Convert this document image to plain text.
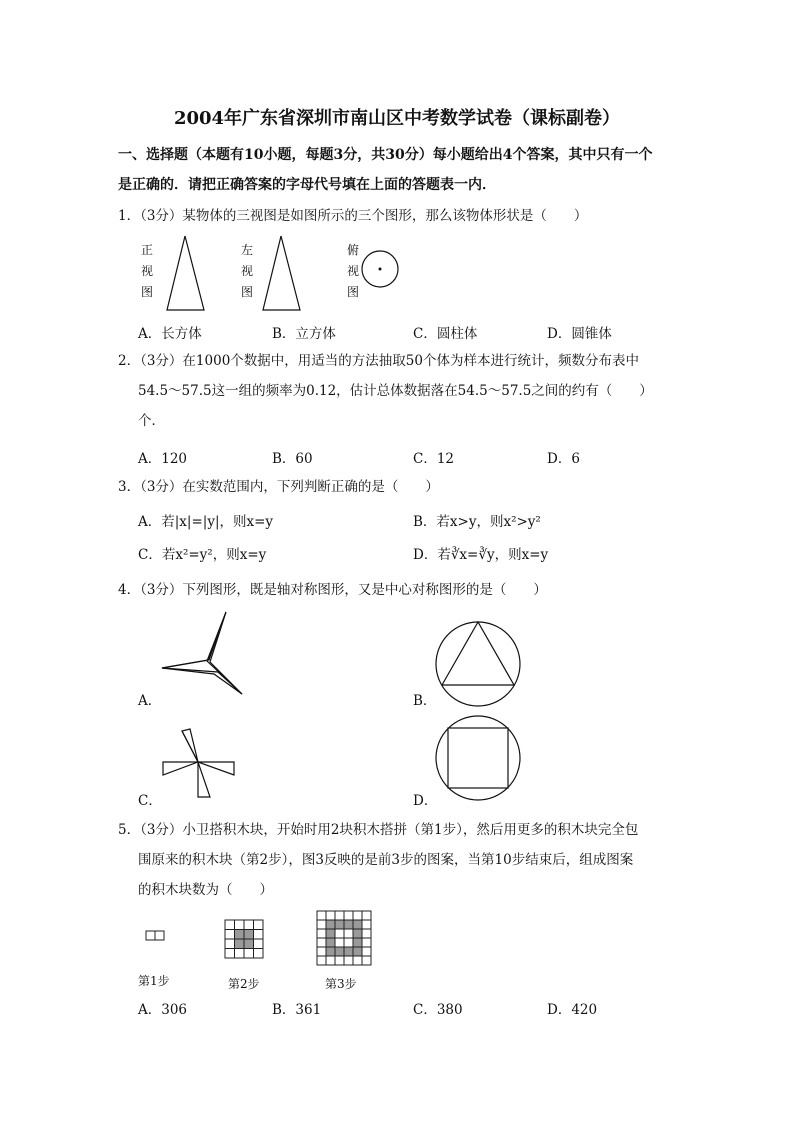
2004年广东省深圳市南山区中考数学试卷（课标副卷）
一、选择题（本题有10小题，每题3分，共30分）每小题给出4个答案，其中只有一个
是正确的．请把正确答案的字母代号填在上面的答题表一内．
1．（3分）某物体的三视图是如图所示的三个图形，那么该物体形状是（　　）
正
视
图
左
视
图
俯
视
图
A．长方体	B．立方体	C．圆柱体	D．圆锥体
2．（3分）在1000个数据中，用适当的方法抽取50个体为样本进行统计，频数分布表中
54.5～57.5这一组的频率为0.12，估计总体数据落在54.5～57.5之间的约有（　　）
个．
A．120	B．60	C．12	D．6
3．（3分）在实数范围内，下列判断正确的是（　　）
A．若|x|=|y|，则x=y	B．若x>y，则x²>y²
C．若x²=y²，则x=y	D．若∛x=∛y，则x=y
4．（3分）下列图形，既是轴对称图形，又是中心对称图形的是（　　）
A．	B．
C．	D．
5．（3分）小卫搭积木块，开始时用2块积木搭拼（第1步），然后用更多的积木块完全包
围原来的积木块（第2步），图3反映的是前3步的图案，当第10步结束后，组成图案
的积木块数为（　　）
第1步	第2步	第3步
A．306	B．361	C．380	D．420
